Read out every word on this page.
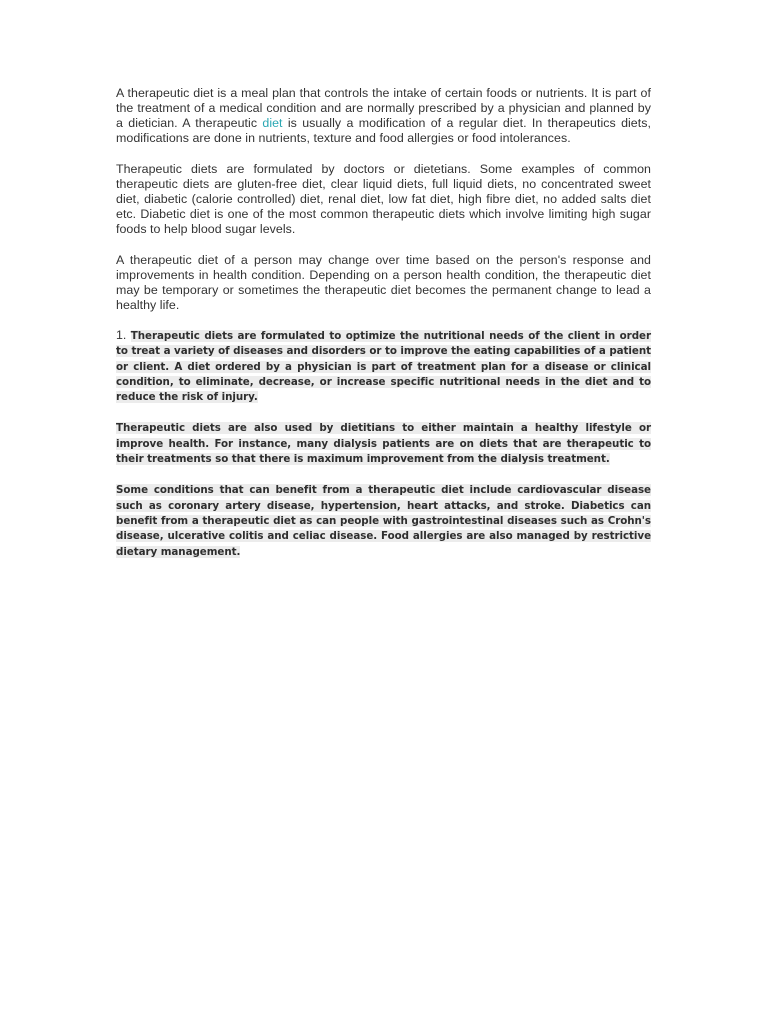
A therapeutic diet is a meal plan that controls the intake of certain foods or nutrients. It is part of the treatment of a medical condition and are normally prescribed by a physician and planned by a dietician. A therapeutic diet is usually a modification of a regular diet. In therapeutics diets, modifications are done in nutrients, texture and food allergies or food intolerances.

Therapeutic diets are formulated by doctors or dietetians. Some examples of common therapeutic diets are gluten-free diet, clear liquid diets, full liquid diets, no concentrated sweet diet, diabetic (calorie controlled) diet, renal diet, low fat diet, high fibre diet, no added salts diet etc. Diabetic diet is one of the most common therapeutic diets which involve limiting high sugar foods to help blood sugar levels.

A therapeutic diet of a person may change over time based on the person's response and improvements in health condition. Depending on a person health condition, the therapeutic diet may be temporary or sometimes the therapeutic diet becomes the permanent change to lead a healthy life.

1. Therapeutic diets are formulated to optimize the nutritional needs of the client in order to treat a variety of diseases and disorders or to improve the eating capabilities of a patient or client. A diet ordered by a physician is part of treatment plan for a disease or clinical condition, to eliminate, decrease, or increase specific nutritional needs in the diet and to reduce the risk of injury.

Therapeutic diets are also used by dietitians to either maintain a healthy lifestyle or improve health. For instance, many dialysis patients are on diets that are therapeutic to their treatments so that there is maximum improvement from the dialysis treatment.

Some conditions that can benefit from a therapeutic diet include cardiovascular disease such as coronary artery disease, hypertension, heart attacks, and stroke. Diabetics can benefit from a therapeutic diet as can people with gastrointestinal diseases such as Crohn's disease, ulcerative colitis and celiac disease. Food allergies are also managed by restrictive dietary management.
